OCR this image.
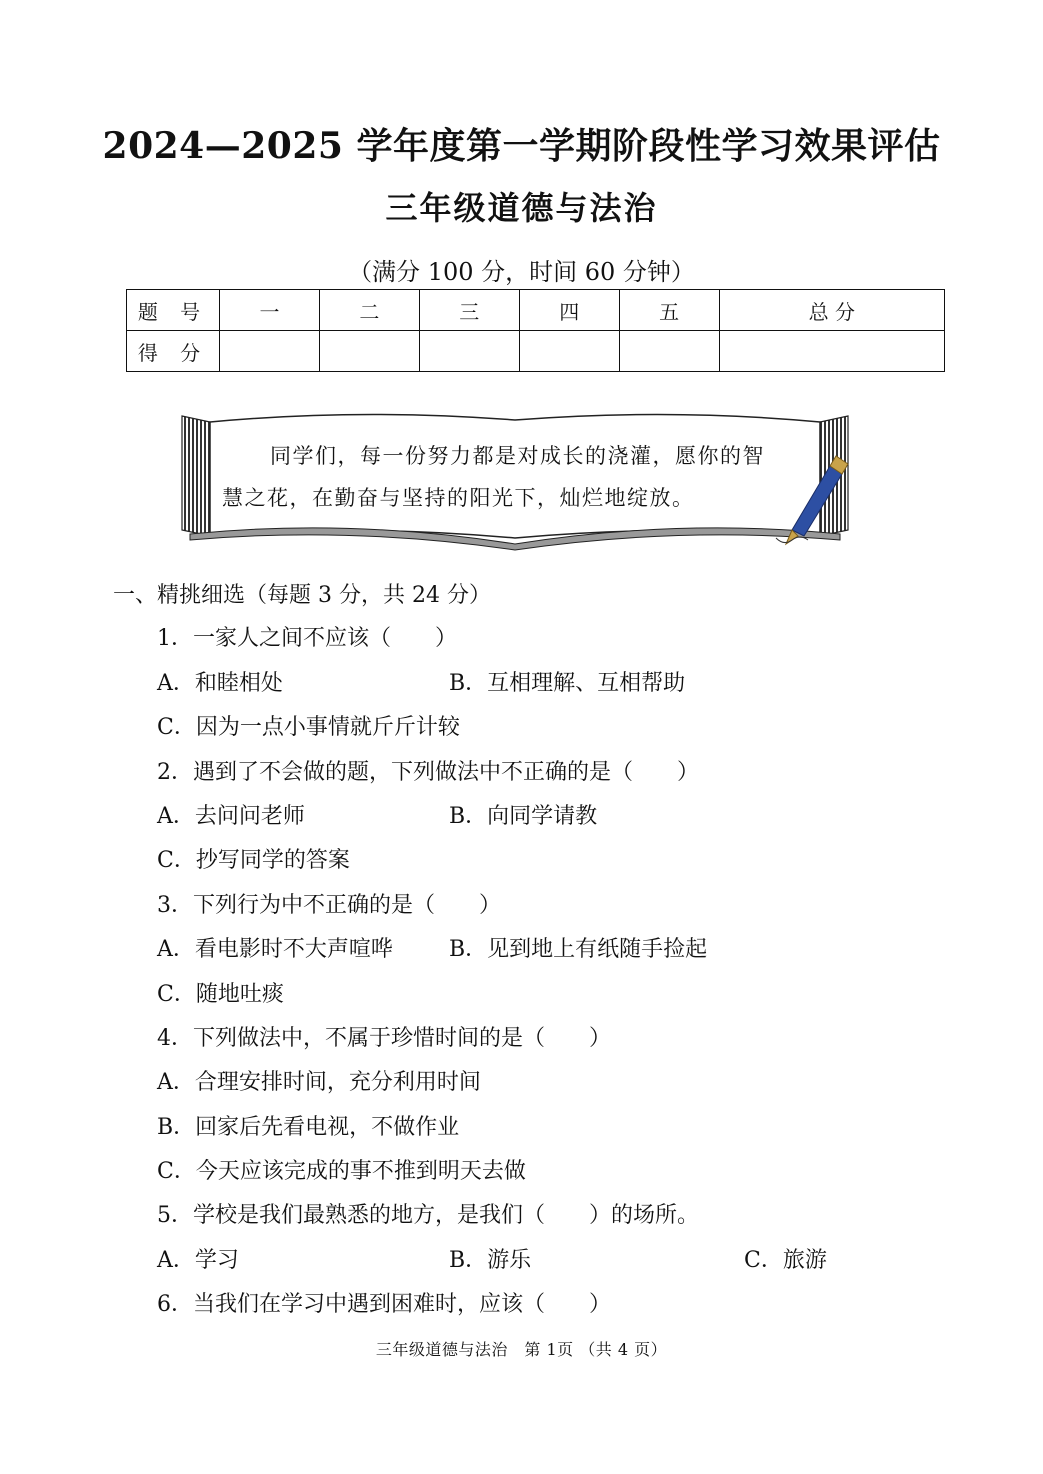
2024—2025 学年度第一学期阶段性学习效果评估
三年级道德与法治
（满分 100 分，时间 60 分钟）
题 号	一	二	三	四	五	总 分
得 分						
同学们，每一份努力都是对成长的浇灌，愿你的智
慧之花，在勤奋与坚持的阳光下，灿烂地绽放。
一、精挑细选（每题 3 分，共 24 分）
1．一家人之间不应该（　　）
A．和睦相处	B．互相理解、互相帮助
C．因为一点小事情就斤斤计较
2．遇到了不会做的题，下列做法中不正确的是（　　）
A．去问问老师	B．向同学请教
C．抄写同学的答案
3．下列行为中不正确的是（　　）
A．看电影时不大声喧哗	B．见到地上有纸随手捡起
C．随地吐痰
4．下列做法中，不属于珍惜时间的是（　　）
A．合理安排时间，充分利用时间
B．回家后先看电视，不做作业
C．今天应该完成的事不推到明天去做
5．学校是我们最熟悉的地方，是我们（　　）的场所。
A．学习	B．游乐	C．旅游
6．当我们在学习中遇到困难时，应该（　　）
三年级道德与法治　第 1页 （共 4 页）
